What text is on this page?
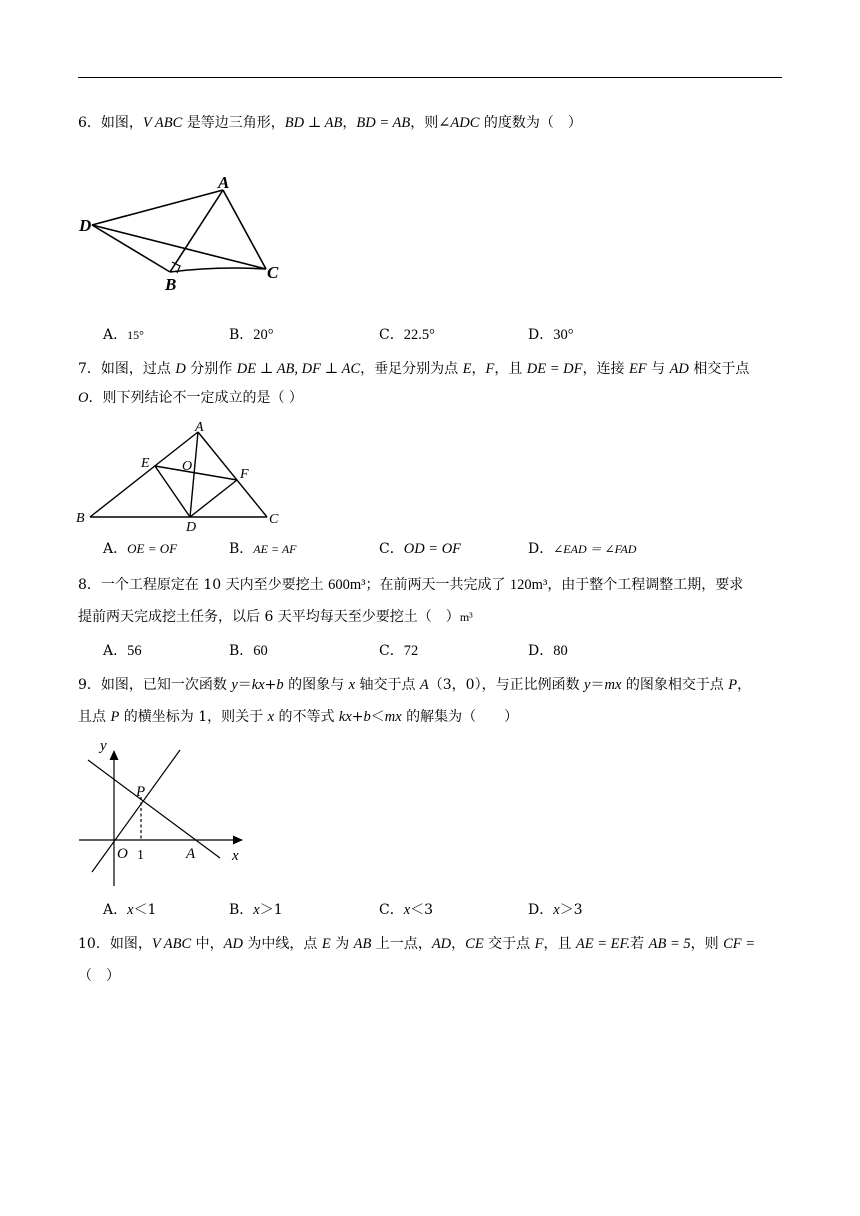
6．如图，V ABC 是等边三角形，BD ⊥ AB，BD = AB，则∠ADC 的度数为（　）
A
D
B
C
A．15°	B．20°	C．22.5°	D．30°
7．如图，过点 D 分别作 DE ⊥ AB, DF ⊥ AC，垂足分别为点 E，F，且 DE = DF，连接 EF 与 AD 相交于点
O．则下列结论不一定成立的是（ ）
A
E O
F
B
D
C
A．OE = OF	B．AE = AF	C．OD = OF	D．∠EAD ＝ ∠FAD
8．一个工程原定在 10 天内至少要挖土 600m³；在前两天一共完成了 120m³，由于整个工程调整工期，要求
提前两天完成挖土任务，以后 6 天平均每天至少要挖土（　）m³
A．56	B．60	C．72	D．80
9．如图，已知一次函数 y＝kx+b 的图象与 x 轴交于点 A（3，0），与正比例函数 y＝mx 的图象相交于点 P，
且点 P 的横坐标为 1，则关于 x 的不等式 kx+b＜mx 的解集为（　　）
y
x
O 1
P
A
A．x＜1	B．x＞1	C．x＜3	D．x＞3
10．如图，V ABC 中，AD 为中线，点 E 为 AB 上一点，AD，CE 交于点 F，且 AE = EF.若 AB = 5，则 CF =
（　）
